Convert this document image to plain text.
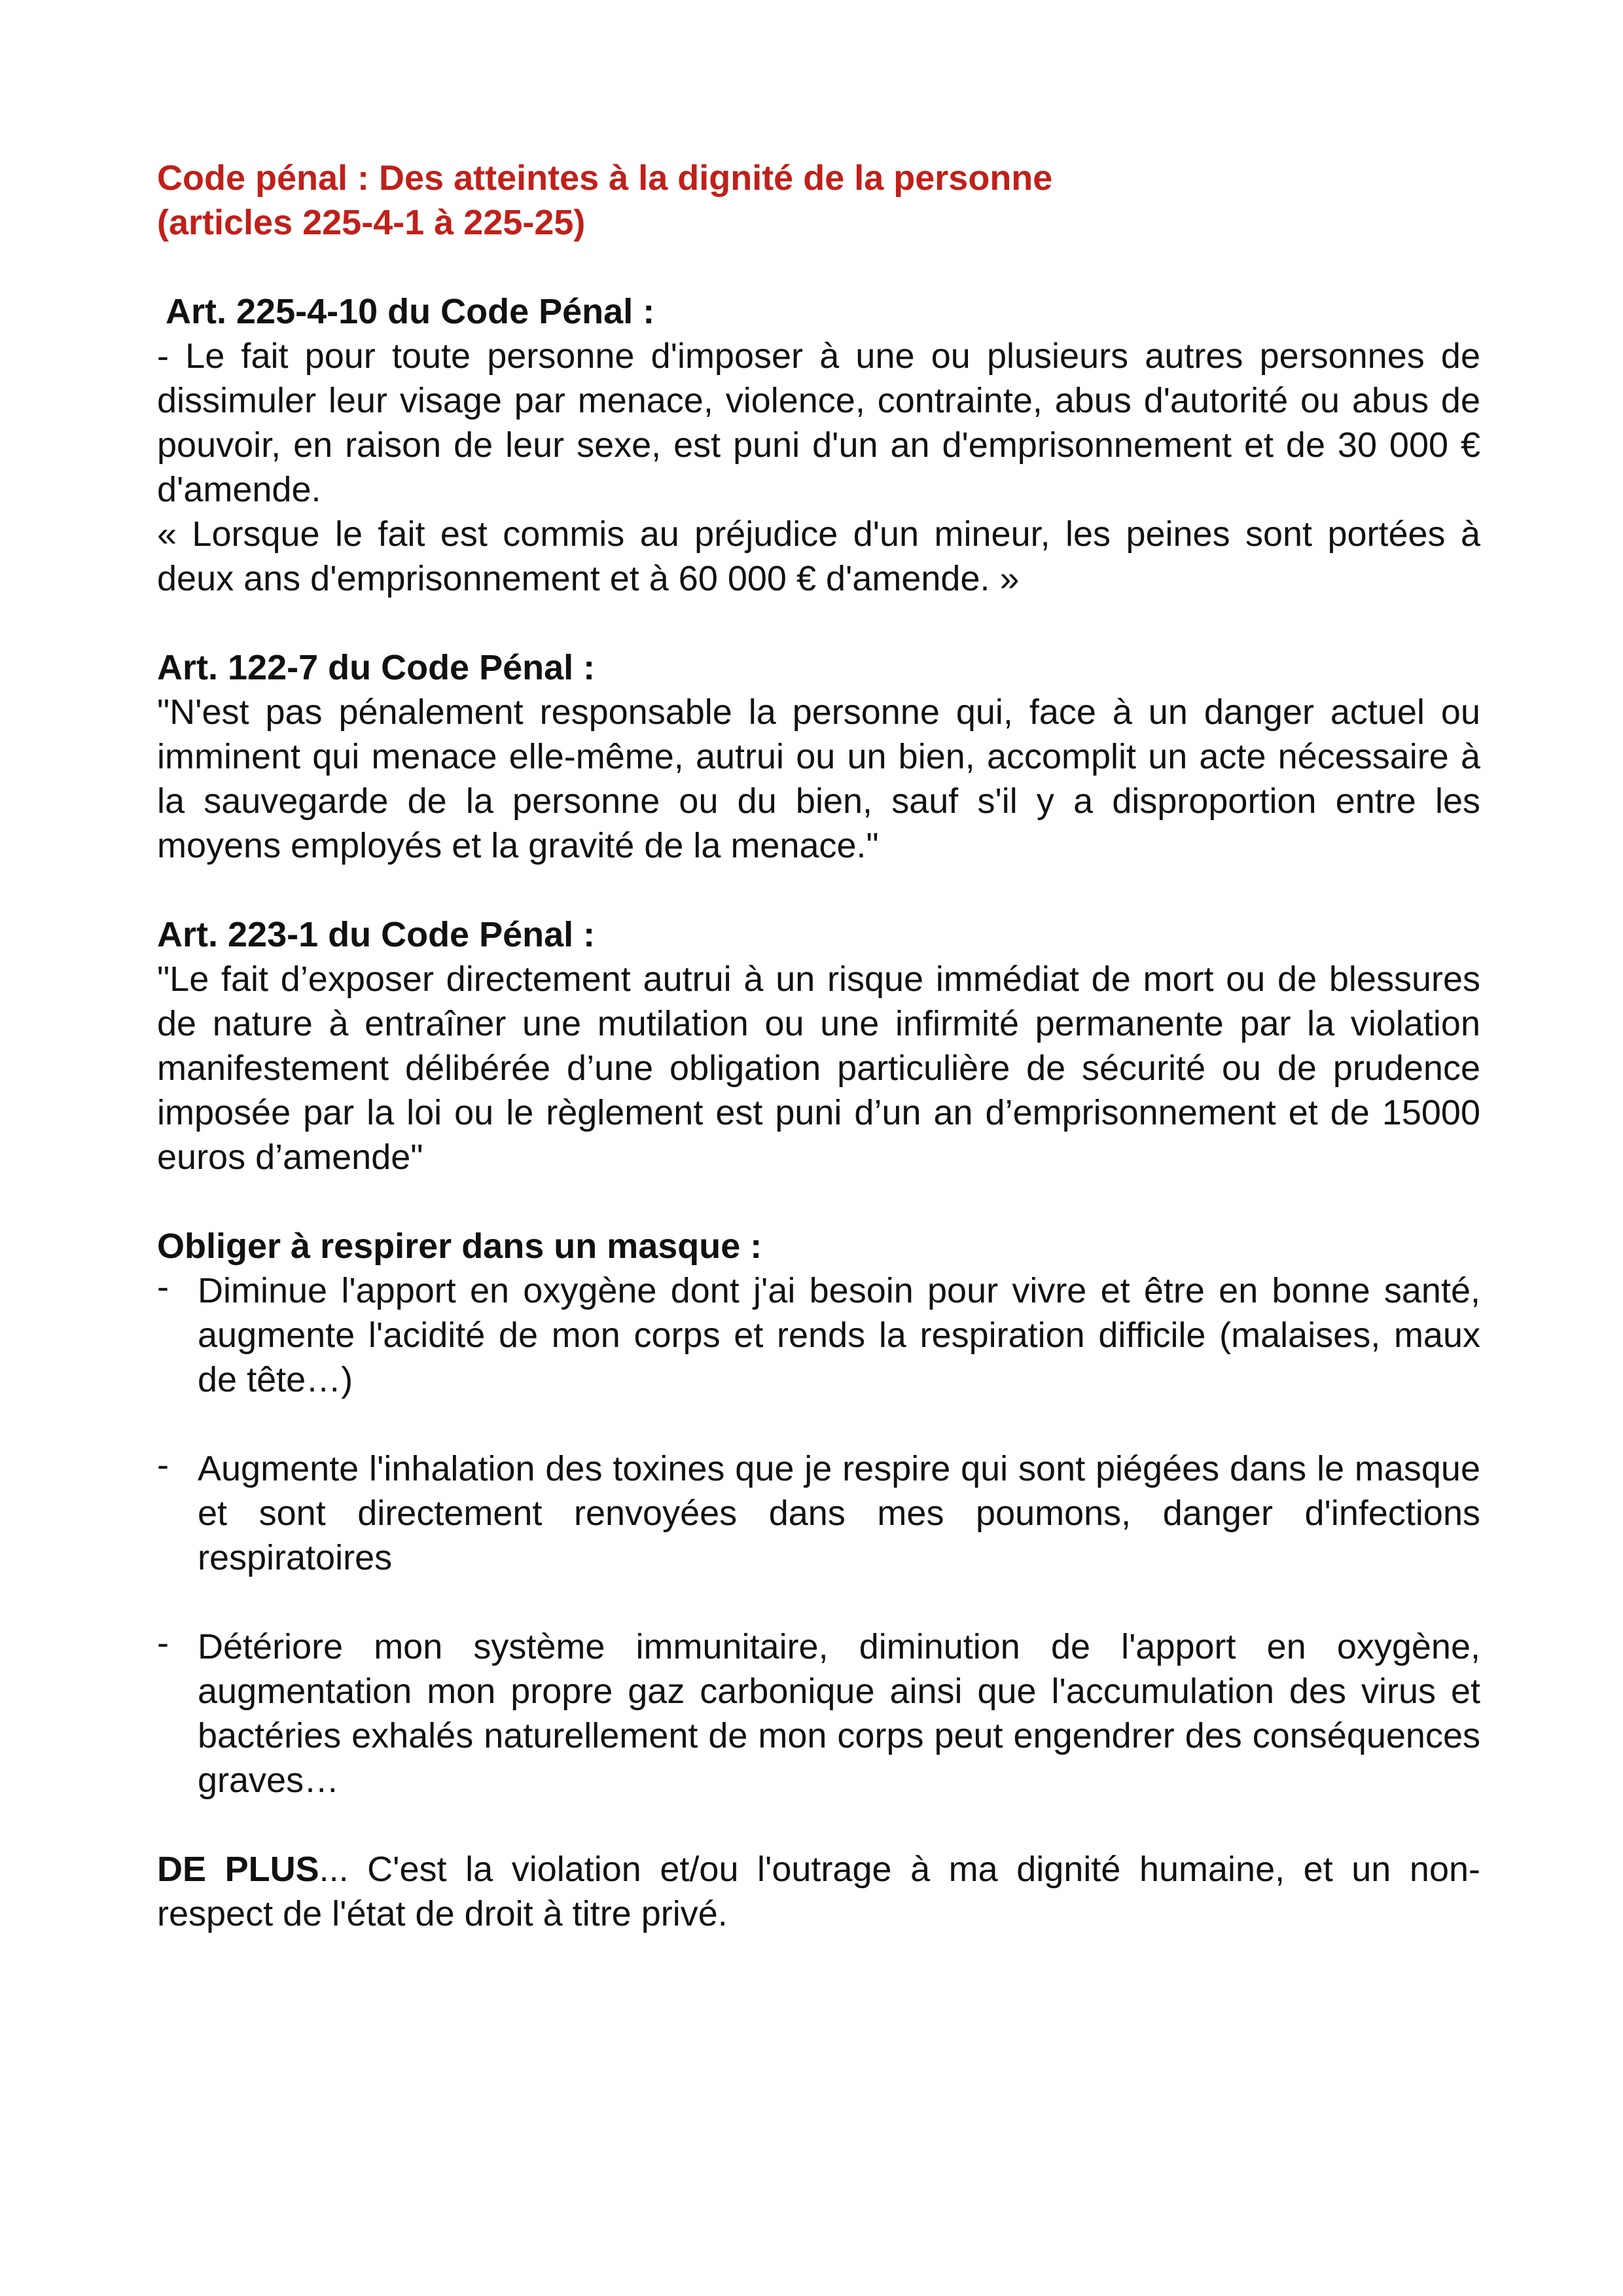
Code pénal : Des atteintes à la dignité de la personne
(articles 225-4-1 à 225-25)

Art. 225-4-10 du Code Pénal :

- Le fait pour toute personne d'imposer à une ou plusieurs autres personnes de dissimuler leur visage par menace, violence, contrainte, abus d'autorité ou abus de pouvoir, en raison de leur sexe, est puni d'un an d'emprisonnement et de 30 000 € d'amende.

« Lorsque le fait est commis au préjudice d'un mineur, les peines sont portées à deux ans d'emprisonnement et à 60 000 € d'amende. »

Art. 122-7 du Code Pénal :

"N'est pas pénalement responsable la personne qui, face à un danger actuel ou imminent qui menace elle-même, autrui ou un bien, accomplit un acte nécessaire à la sauvegarde de la personne ou du bien, sauf s'il y a disproportion entre les moyens employés et la gravité de la menace."

Art. 223-1 du Code Pénal :

"Le fait d’exposer directement autrui à un risque immédiat de mort ou de blessures de nature à entraîner une mutilation ou une infirmité permanente par la violation manifestement délibérée d’une obligation particulière de sécurité ou de prudence imposée par la loi ou le règlement est puni d’un an d’emprisonnement et de 15000 euros d’amende"

Obliger à respirer dans un masque :

- Diminue l'apport en oxygène dont j'ai besoin pour vivre et être en bonne santé, augmente l'acidité de mon corps et rends la respiration difficile (malaises, maux de tête…)
- Augmente l'inhalation des toxines que je respire qui sont piégées dans le masque et sont directement renvoyées dans mes poumons, danger d'infections respiratoires
- Détériore mon système immunitaire, diminution de l'apport en oxygène, augmentation mon propre gaz carbonique ainsi que l'accumulation des virus et bactéries exhalés naturellement de mon corps peut engendrer des conséquences graves…

DE PLUS... C'est la violation et/ou l'outrage à ma dignité humaine, et un non-respect de l'état de droit à titre privé.
